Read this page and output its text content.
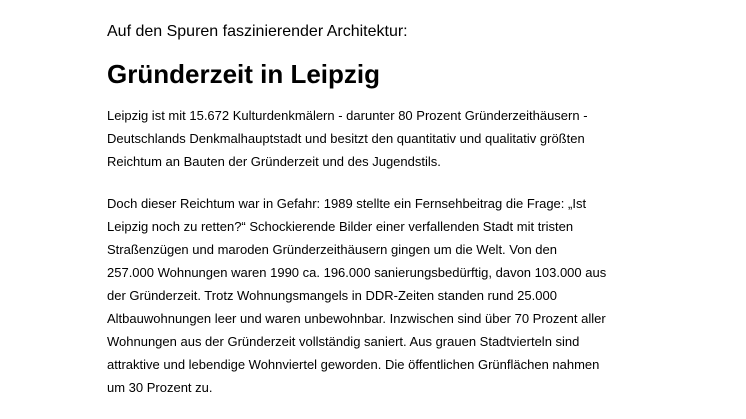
Auf den Spuren faszinierender Architektur:

Gründerzeit in Leipzig

Leipzig ist mit 15.672 Kulturdenkmälern - darunter 80 Prozent Gründerzeithäusern -
Deutschlands Denkmalhauptstadt und besitzt den quantitativ und qualitativ größten
Reichtum an Bauten der Gründerzeit und des Jugendstils.

Doch dieser Reichtum war in Gefahr: 1989 stellte ein Fernsehbeitrag die Frage: „Ist
Leipzig noch zu retten?“ Schockierende Bilder einer verfallenden Stadt mit tristen
Straßenzügen und maroden Gründerzeithäusern gingen um die Welt. Von den
257.000 Wohnungen waren 1990 ca. 196.000 sanierungsbedürftig, davon 103.000 aus
der Gründerzeit. Trotz Wohnungsmangels in DDR-Zeiten standen rund 25.000
Altbauwohnungen leer und waren unbewohnbar. Inzwischen sind über 70 Prozent aller
Wohnungen aus der Gründerzeit vollständig saniert. Aus grauen Stadtvierteln sind
attraktive und lebendige Wohnviertel geworden. Die öffentlichen Grünflächen nahmen
um 30 Prozent zu.
